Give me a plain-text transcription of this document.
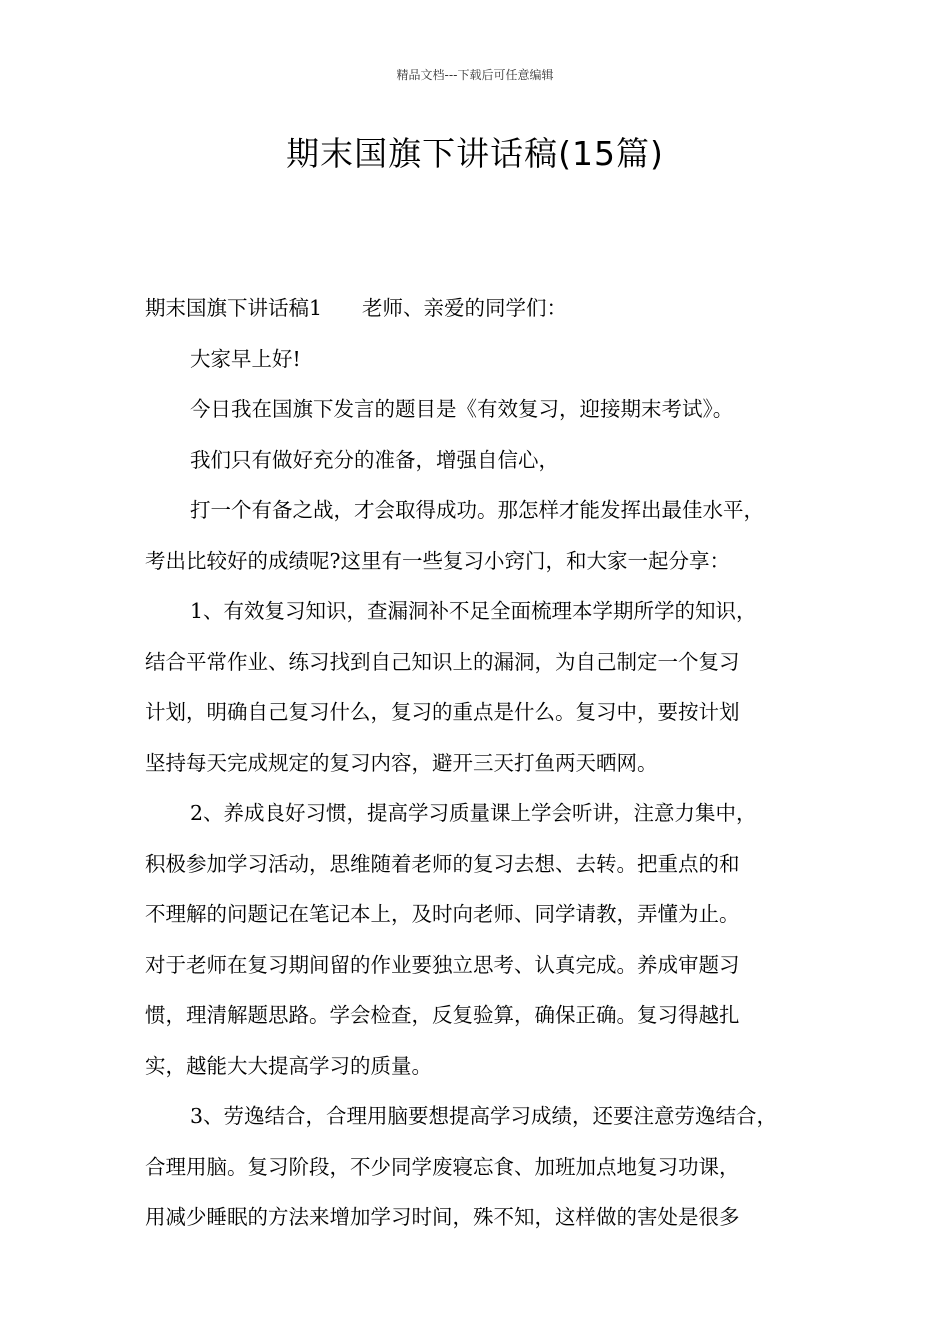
精品文档---下载后可任意编辑
期末国旗下讲话稿(15篇)

期末国旗下讲话稿1 老师、亲爱的同学们：

大家早上好!

今日我在国旗下发言的题目是《有效复习，迎接期末考试》。

我们只有做好充分的准备，增强自信心，

打一个有备之战，才会取得成功。那怎样才能发挥出最佳水平，

考出比较好的成绩呢?这里有一些复习小窍门，和大家一起分享：

1、有效复习知识，查漏洞补不足全面梳理本学期所学的知识，

结合平常作业、练习找到自己知识上的漏洞，为自己制定一个复习

计划，明确自己复习什么，复习的重点是什么。复习中，要按计划

坚持每天完成规定的复习内容，避开三天打鱼两天晒网。

2、养成良好习惯，提高学习质量课上学会听讲，注意力集中，

积极参加学习活动，思维随着老师的复习去想、去转。把重点的和

不理解的问题记在笔记本上，及时向老师、同学请教，弄懂为止。

对于老师在复习期间留的作业要独立思考、认真完成。养成审题习

惯，理清解题思路。学会检查，反复验算，确保正确。复习得越扎

实，越能大大提高学习的质量。

3、劳逸结合，合理用脑要想提高学习成绩，还要注意劳逸结合，

合理用脑。复习阶段，不少同学废寝忘食、加班加点地复习功课，

用减少睡眠的方法来增加学习时间，殊不知，这样做的害处是很多
